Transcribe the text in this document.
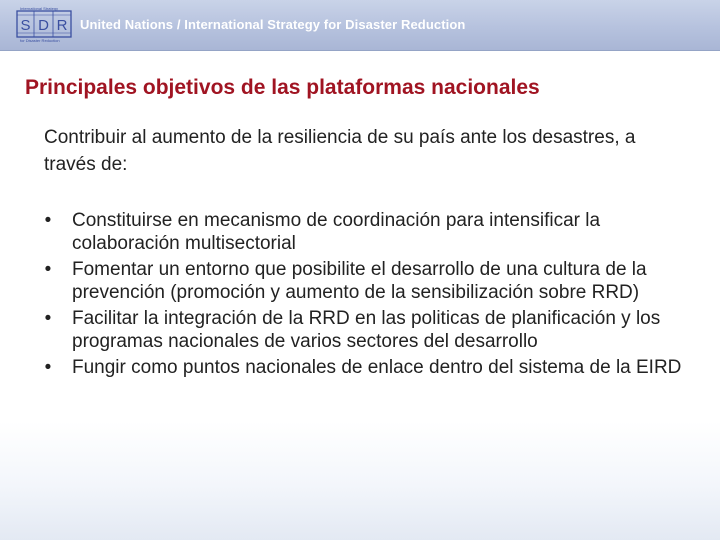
S D R
International Strategy
for Disaster Reduction
United Nations / International Strategy for Disaster Reduction
Principales objetivos de las plataformas nacionales
Contribuir al aumento de la resiliencia de su país ante los desastres, a través de:
•	Constituirse en mecanismo de coordinación para intensificar la colaboración multisectorial
•	Fomentar un entorno que posibilite el desarrollo de una cultura de la prevención (promoción y aumento de la sensibilización sobre RRD)
•	Facilitar la integración de la RRD en las politicas de planificación y los programas nacionales de varios sectores del desarrollo
•	Fungir como puntos nacionales de enlace dentro del sistema de la EIRD
